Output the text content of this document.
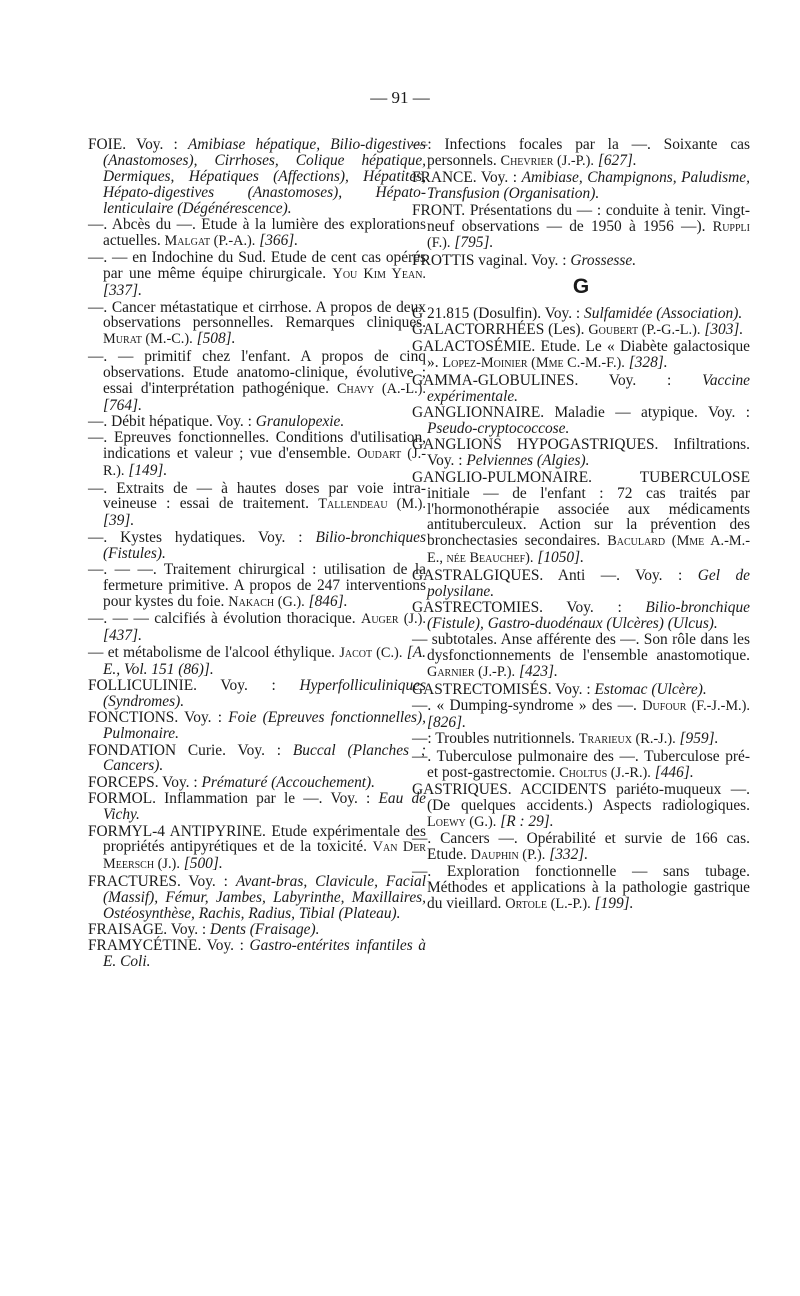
— 91 —
FOIE. Voy. : Amibiase hépatique, Bilio-digestives (Anastomoses), Cirrhoses, Colique hépatique, Dermiques, Hépatiques (Affections), Hépatites, Hépato-digestives (Anastomoses), Hépato-lenticulaire (Dégénérescence).
—. Abcès du —. Etude à la lumière des explorations actuelles. Malgat (P.-A.). [366].
—. — en Indochine du Sud. Etude de cent cas opérés par une même équipe chirurgicale. You Kim Yean. [337].
—. Cancer métastatique et cirrhose. A propos de deux observations personnelles. Remarques cliniques. Murat (M.-C.). [508].
—. — primitif chez l'enfant. A propos de cinq observations. Etude anatomo-clinique, évolutive ; essai d'interprétation pathogénique. Chavy (A.-L.). [764].
—. Débit hépatique. Voy. : Granulopexie.
—. Epreuves fonctionnelles. Conditions d'utilisation, indications et valeur ; vue d'ensemble. Oudart (J.-R.). [149].
—. Extraits de — à hautes doses par voie intra-veineuse : essai de traitement. Tallendeau (M.). [39].
—. Kystes hydatiques. Voy. : Bilio-bronchiques (Fistules).
—. — —. Traitement chirurgical : utilisation de la fermeture primitive. A propos de 247 interventions pour kystes du foie. Nakach (G.). [846].
—. — — calcifiés à évolution thoracique. Auger (J.). [437].
— et métabolisme de l'alcool éthylique. Jacot (C.). [A. E., Vol. 151 (86)].
FOLLICULINIE. Voy. : Hyperfolliculiniques (Syndromes).
FONCTIONS. Voy. : Foie (Epreuves fonctionnelles), Pulmonaire.
FONDATION Curie. Voy. : Buccal (Planches ; Cancers).
FORCEPS. Voy. : Prématuré (Accouchement).
FORMOL. Inflammation par le —. Voy. : Eau de Vichy.
FORMYL-4 ANTIPYRINE. Etude expérimentale des propriétés antipyrétiques et de la toxicité. Van Der Meersch (J.). [500].
FRACTURES. Voy. : Avant-bras, Clavicule, Facial (Massif), Fémur, Jambes, Labyrinthe, Maxillaires, Ostéosynthèse, Rachis, Radius, Tibial (Plateau).
FRAISAGE. Voy. : Dents (Fraisage).
FRAMYCÉTINE. Voy. : Gastro-entérites infantiles à E. Coli.
—: Infections focales par la —. Soixante cas personnels. Chevrier (J.-P.). [627].
FRANCE. Voy. : Amibiase, Champignons, Paludisme, Transfusion (Organisation).
FRONT. Présentations du — : conduite à tenir. Vingt-neuf observations — de 1950 à 1956 —). Ruppli (F.). [795].
FROTTIS vaginal. Voy. : Grossesse.
G
G 21.815 (Dosulfin). Voy. : Sulfamidée (Association).
GALACTORRHÉES (Les). Goubert (P.-G.-L.). [303].
GALACTOSÉMIE. Etude. Le « Diabète galactosique ». Lopez-Moinier (Mme C.-M.-F.). [328].
GAMMA-GLOBULINES. Voy. : Vaccine expérimentale.
GANGLIONNAIRE. Maladie — atypique. Voy. : Pseudo-cryptococcose.
GANGLIONS HYPOGASTRIQUES. Infiltrations. Voy. : Pelviennes (Algies).
GANGLIO-PULMONAIRE. TUBERCULOSE initiale — de l'enfant : 72 cas traités par l'hormonothérapie associée aux médicaments antituberculeux. Action sur la prévention des bronchectasies secondaires. Baculard (Mme A.-M.-E., née Beauchef). [1050].
GASTRALGIQUES. Anti —. Voy. : Gel de polysilane.
GASTRECTOMIES. Voy. : Bilio-bronchique (Fistule), Gastro-duodénaux (Ulcères) (Ulcus).
— subtotales. Anse afférente des —. Son rôle dans les dysfonctionnements de l'ensemble anastomotique. Garnier (J.-P.). [423].
GASTRECTOMISÉS. Voy. : Estomac (Ulcère).
—. « Dumping-syndrome » des —. Dufour (F.-J.-M.). [826].
—: Troubles nutritionnels. Trarieux (R.-J.). [959].
—. Tuberculose pulmonaire des —. Tuberculose pré- et post-gastrectomie. Choltus (J.-R.). [446].
GASTRIQUES. ACCIDENTS pariéto-muqueux —. (De quelques accidents.) Aspects radiologiques. Loewy (G.). [R : 29].
—. Cancers —. Opérabilité et survie de 166 cas. Etude. Dauphin (P.). [332].
—. Exploration fonctionnelle — sans tubage. Méthodes et applications à la pathologie gastrique du vieillard. Ortole (L.-P.). [199].
